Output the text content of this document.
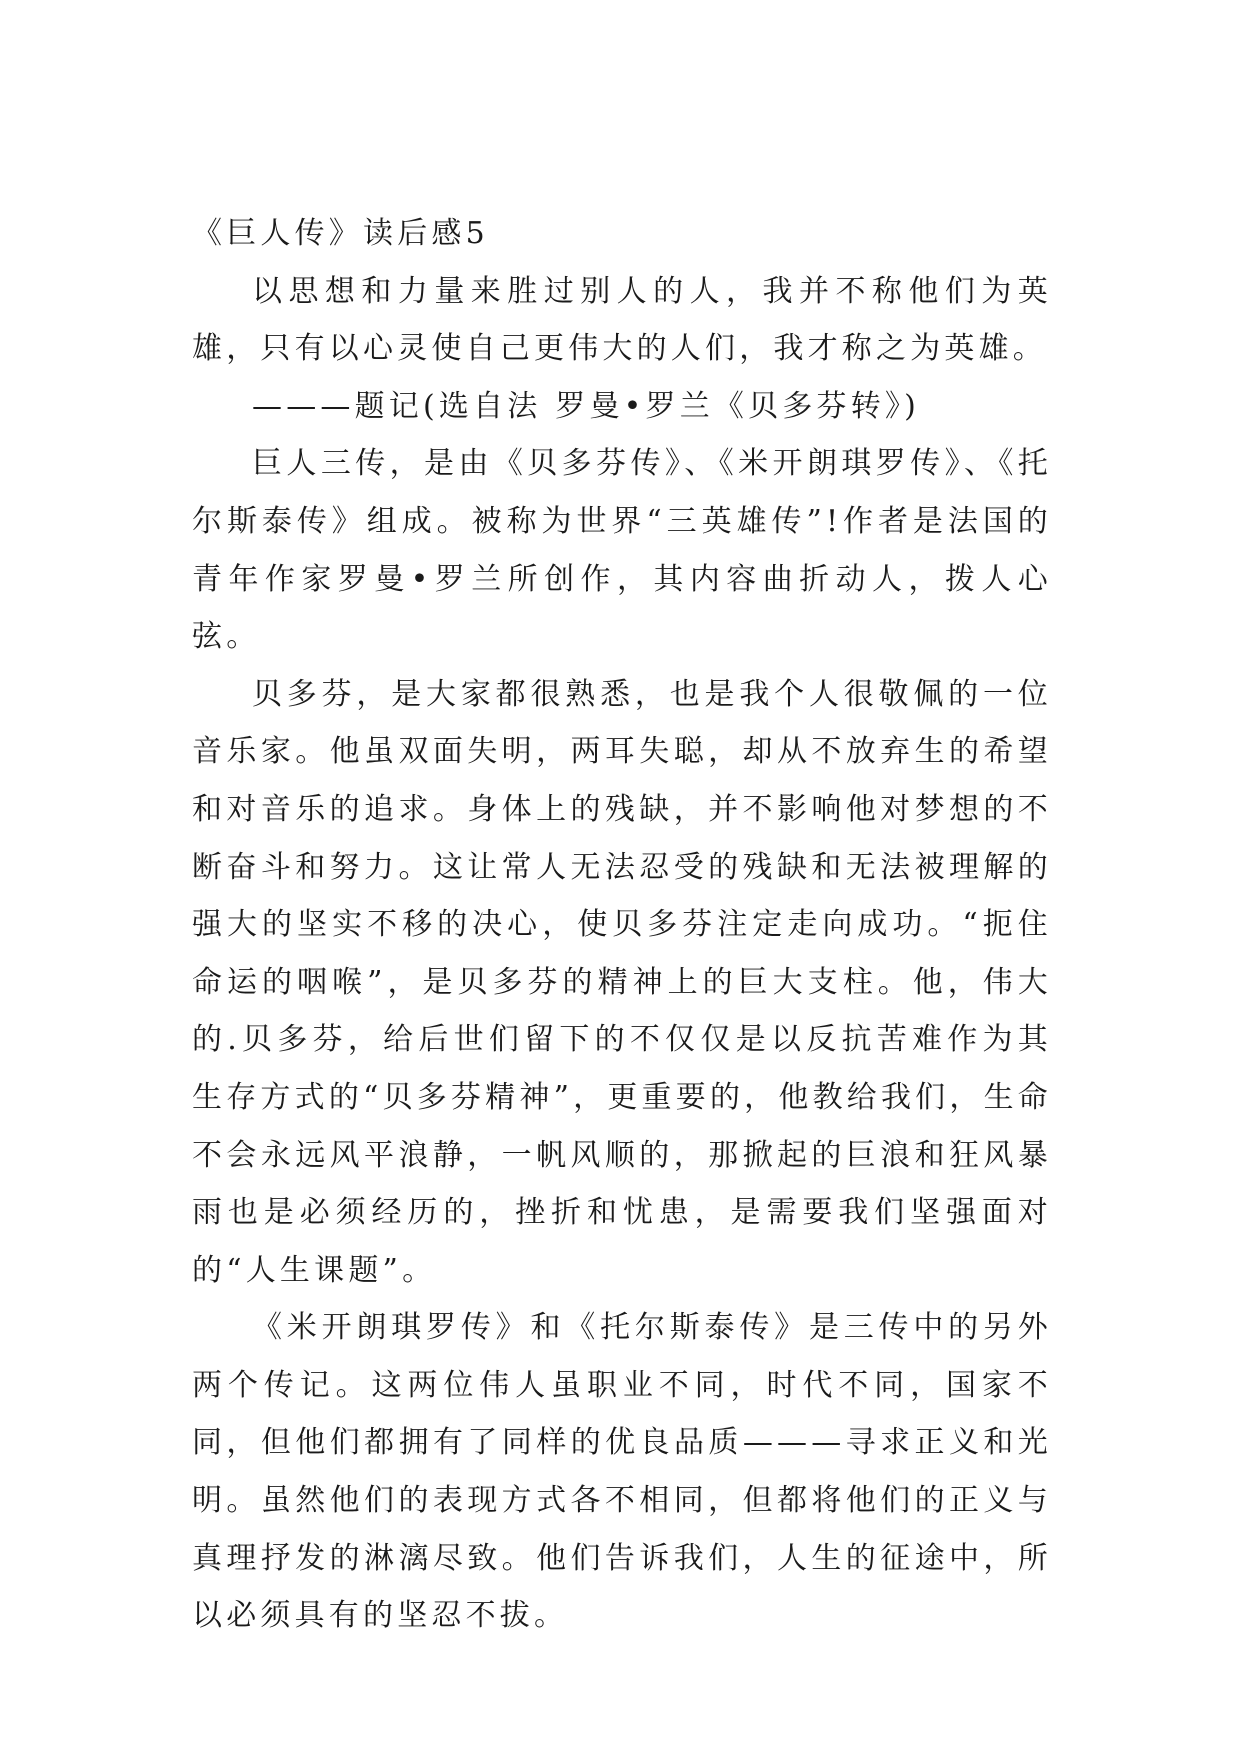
《巨人传》读后感5

以思想和力量来胜过别人的人，我并不称他们为英雄，只有以心灵使自己更伟大的人们，我才称之为英雄。

———题记(选自法 罗曼•罗兰《贝多芬转》)

巨人三传，是由《贝多芬传》、《米开朗琪罗传》、《托尔斯泰传》组成。被称为世界“三英雄传”!作者是法国的青年作家罗曼•罗兰所创作，其内容曲折动人，拨人心弦。

贝多芬，是大家都很熟悉，也是我个人很敬佩的一位音乐家。他虽双面失明，两耳失聪，却从不放弃生的希望和对音乐的追求。身体上的残缺，并不影响他对梦想的不断奋斗和努力。这让常人无法忍受的残缺和无法被理解的强大的坚实不移的决心，使贝多芬注定走向成功。“扼住命运的咽喉”，是贝多芬的精神上的巨大支柱。他，伟大的.贝多芬，给后世们留下的不仅仅是以反抗苦难作为其生存方式的“贝多芬精神”，更重要的，他教给我们，生命不会永远风平浪静，一帆风顺的，那掀起的巨浪和狂风暴雨也是必须经历的，挫折和忧患，是需要我们坚强面对的“人生课题”。

《米开朗琪罗传》和《托尔斯泰传》是三传中的另外两个传记。这两位伟人虽职业不同，时代不同，国家不同，但他们都拥有了同样的优良品质———寻求正义和光明。虽然他们的表现方式各不相同，但都将他们的正义与真理抒发的淋漓尽致。他们告诉我们，人生的征途中，所以必须具有的坚忍不拔。
